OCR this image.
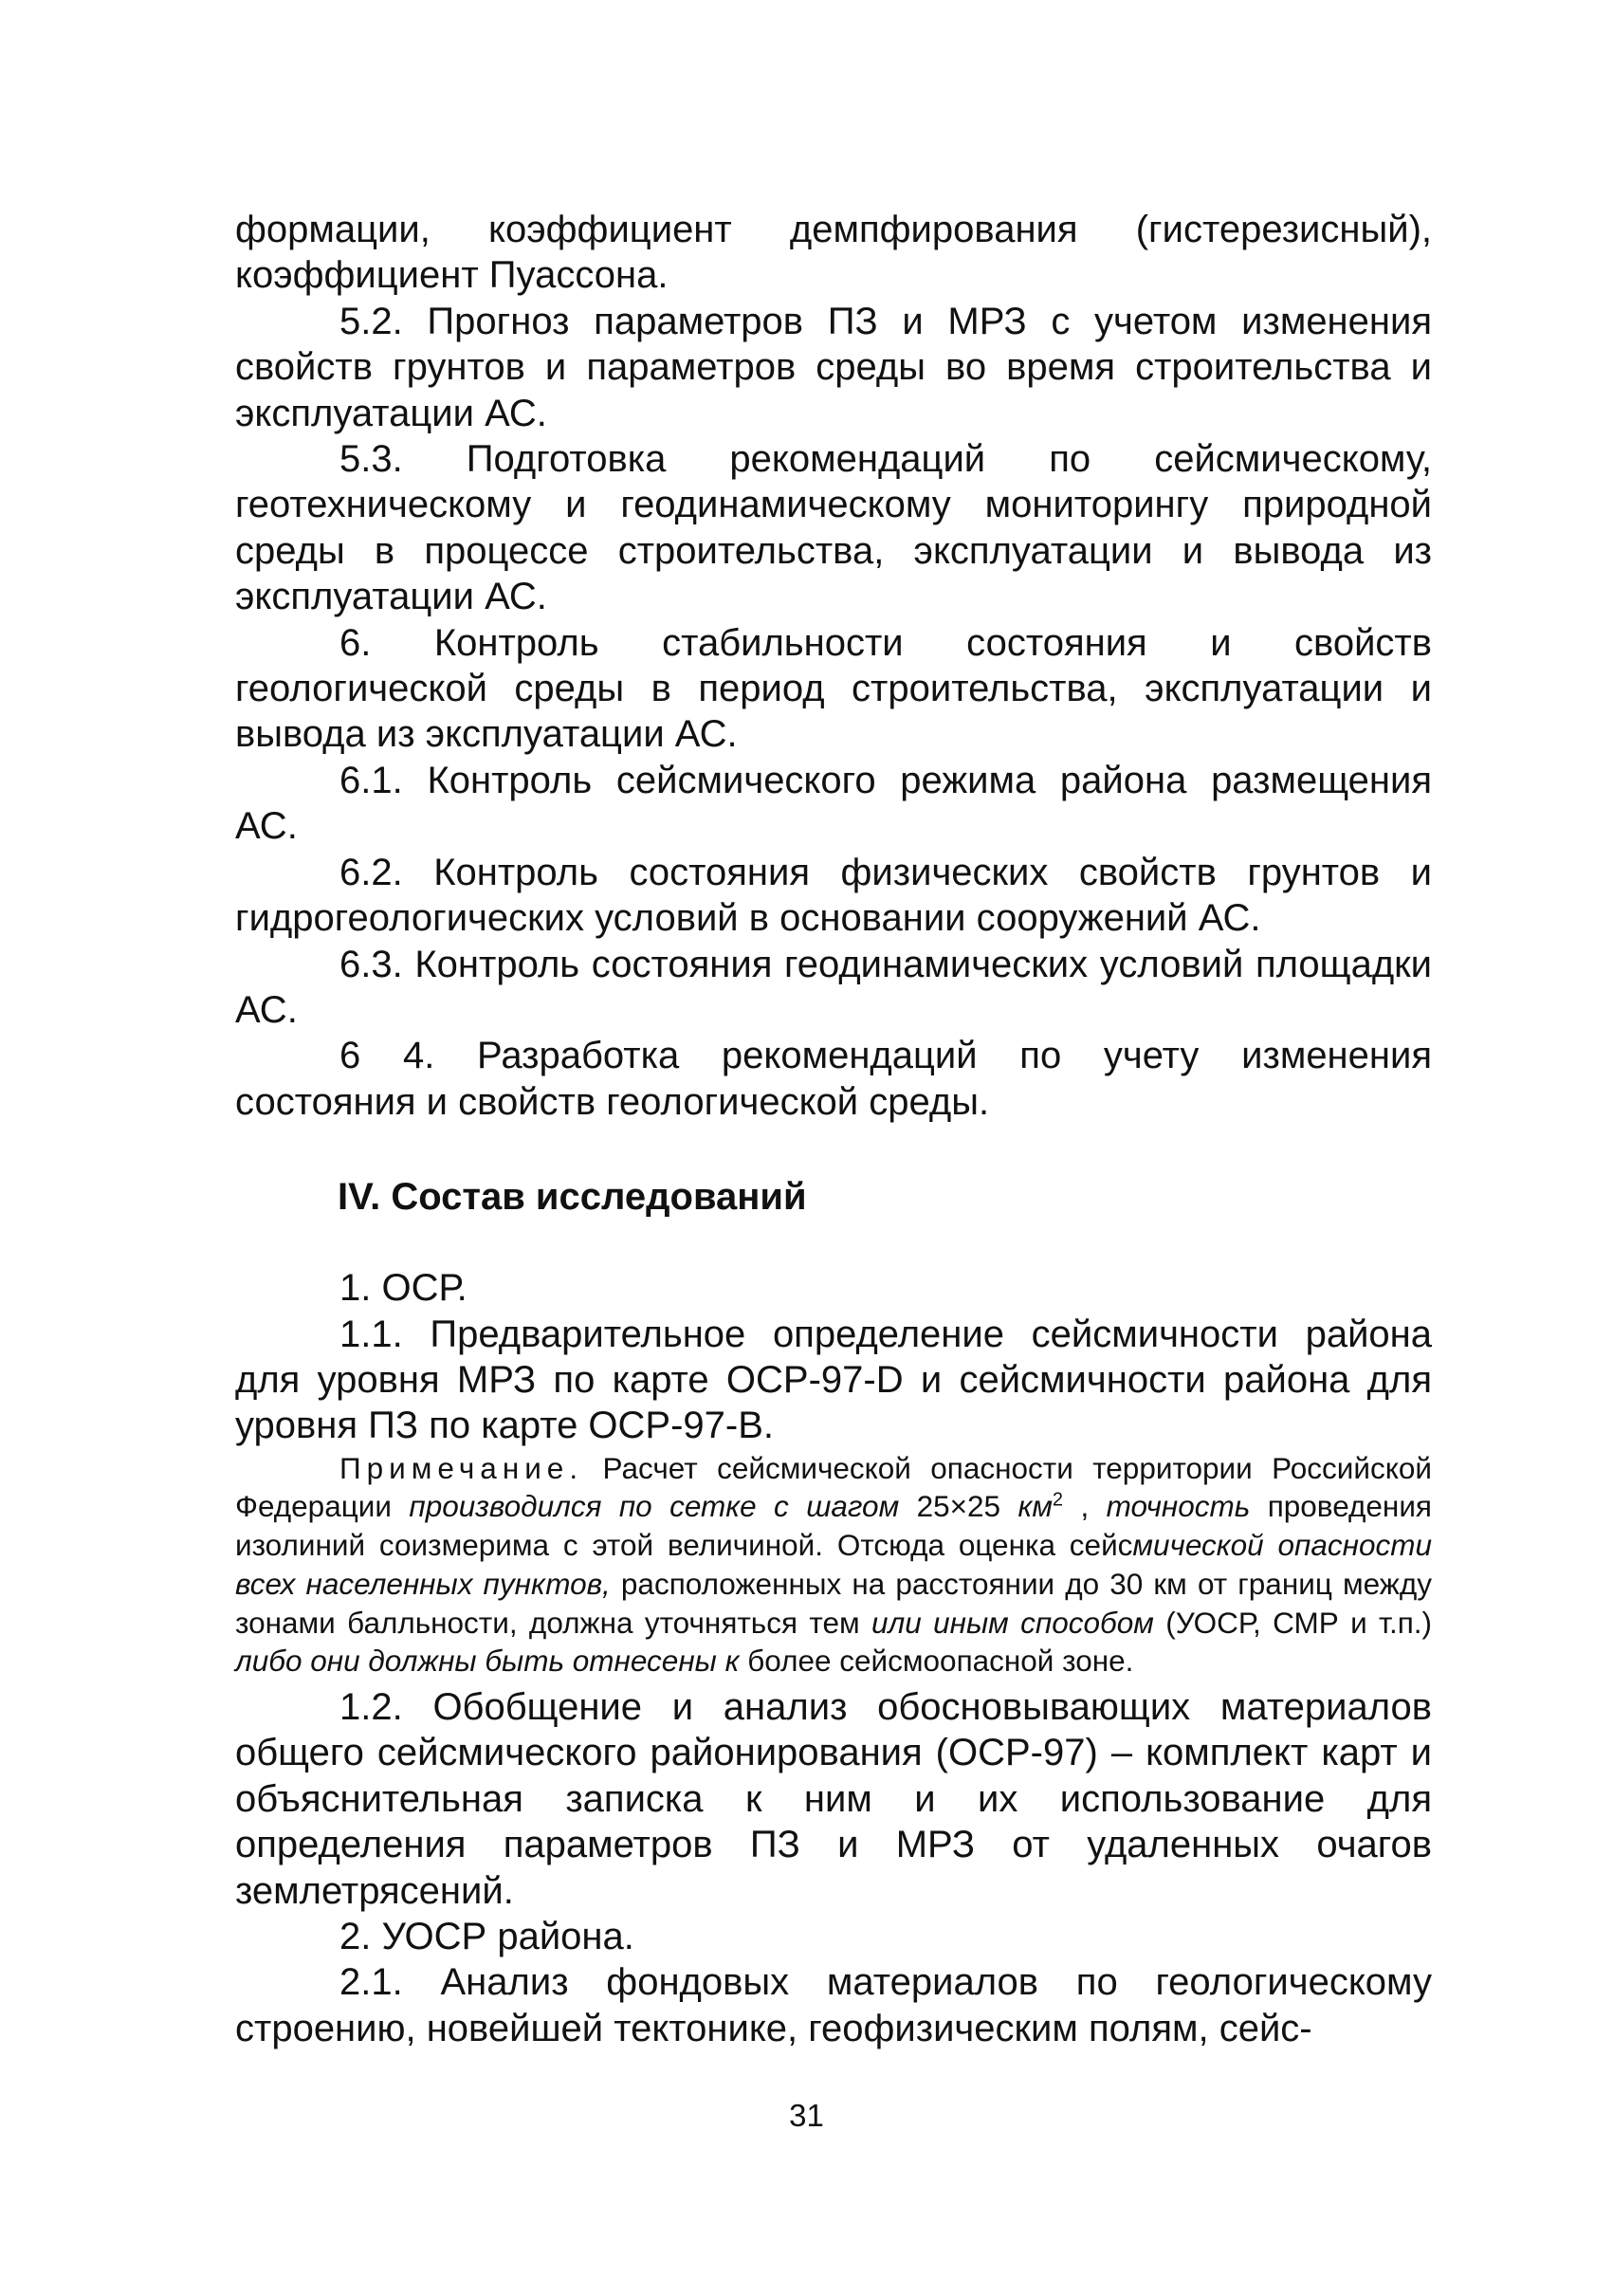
формации, коэффициент демпфирования (гистерезисный), коэффициент Пуассона.

5.2. Прогноз параметров ПЗ и МРЗ с учетом изменения свойств грунтов и параметров среды во время строительства и эксплуатации АС.

5.3. Подготовка рекомендаций по сейсмическому, геотехническому и геодинамическому мониторингу природной среды в процессе строительства, эксплуатации и вывода из эксплуатации АС.

6. Контроль стабильности состояния и свойств геологической среды в период строительства, эксплуатации и вывода из эксплуатации АС.

6.1. Контроль сейсмического режима района размещения АС.

6.2. Контроль состояния физических свойств грунтов и гидрогеологических условий в основании сооружений АС.

6.3. Контроль состояния геодинамических условий площадки АС.

6 4. Разработка рекомендаций по учету изменения состояния и свойств геологической среды.

IV. Состав исследований

1. ОСР.

1.1. Предварительное определение сейсмичности района для уровня МРЗ по карте ОСР-97-D и сейсмичности района для уровня ПЗ по карте ОСР-97-В.

Примечание. Расчет сейсмической опасности территории Российской Федерации производился по сетке с шагом 25×25 $км^2$ , точность проведения изолиний соизмерима с этой величиной. Отсюда оценка сейсмической опасности всех населенных пунктов, расположенных на расстоянии до 30 км от границ между зонами балльности, должна уточняться тем или иным способом (УОСР, СМР и т.п.) либо они должны быть отнесены к более сейсмоопасной зоне.

1.2. Обобщение и анализ обосновывающих материалов общего сейсмического районирования (ОСР-97) – комплект карт и объяснительная записка к ним и их использование для определения параметров ПЗ и МРЗ от удаленных очагов землетрясений.

2. УОСР района.

2.1. Анализ фондовых материалов по геологическому строению, новейшей тектонике, геофизическим полям, сейс-

31
